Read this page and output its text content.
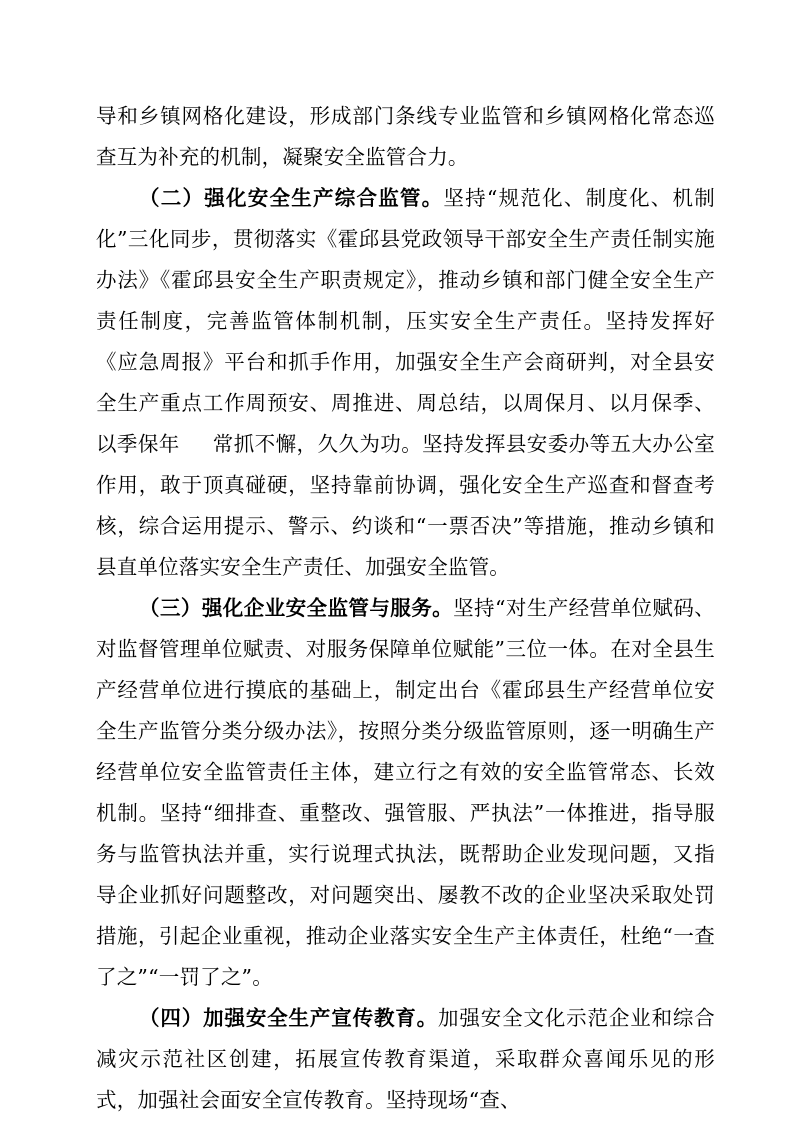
导和乡镇网格化建设，形成部门条线专业监管和乡镇网格化常态巡查互为补充的机制，凝聚安全监管合力。

（二）强化安全生产综合监管。坚持“规范化、制度化、机制化”三化同步，贯彻落实《霍邱县党政领导干部安全生产责任制实施办法》《霍邱县安全生产职责规定》，推动乡镇和部门健全安全生产责任制度，完善监管体制机制，压实安全生产责任。坚持发挥好《应急周报》平台和抓手作用，加强安全生产会商研判，对全县安全生产重点工作周预安、周推进、周总结，以周保月、以月保季、以季保年 常抓不懈，久久为功。坚持发挥县安委办等五大办公室作用，敢于顶真碰硬，坚持靠前协调，强化安全生产巡查和督查考核，综合运用提示、警示、约谈和“一票否决”等措施，推动乡镇和县直单位落实安全生产责任、加强安全监管。

（三）强化企业安全监管与服务。坚持“对生产经营单位赋码、对监督管理单位赋责、对服务保障单位赋能”三位一体。在对全县生产经营单位进行摸底的基础上，制定出台《霍邱县生产经营单位安全生产监管分类分级办法》，按照分类分级监管原则，逐一明确生产经营单位安全监管责任主体，建立行之有效的安全监管常态、长效机制。坚持“细排查、重整改、强管服、严执法”一体推进，指导服务与监管执法并重，实行说理式执法，既帮助企业发现问题，又指导企业抓好问题整改，对问题突出、屡教不改的企业坚决采取处罚措施，引起企业重视，推动企业落实安全生产主体责任，杜绝“一查了之”“一罚了之”。

（四）加强安全生产宣传教育。加强安全文化示范企业和综合减灾示范社区创建，拓展宣传教育渠道，采取群众喜闻乐见的形式，加强社会面安全宣传教育。坚持现场“查、
